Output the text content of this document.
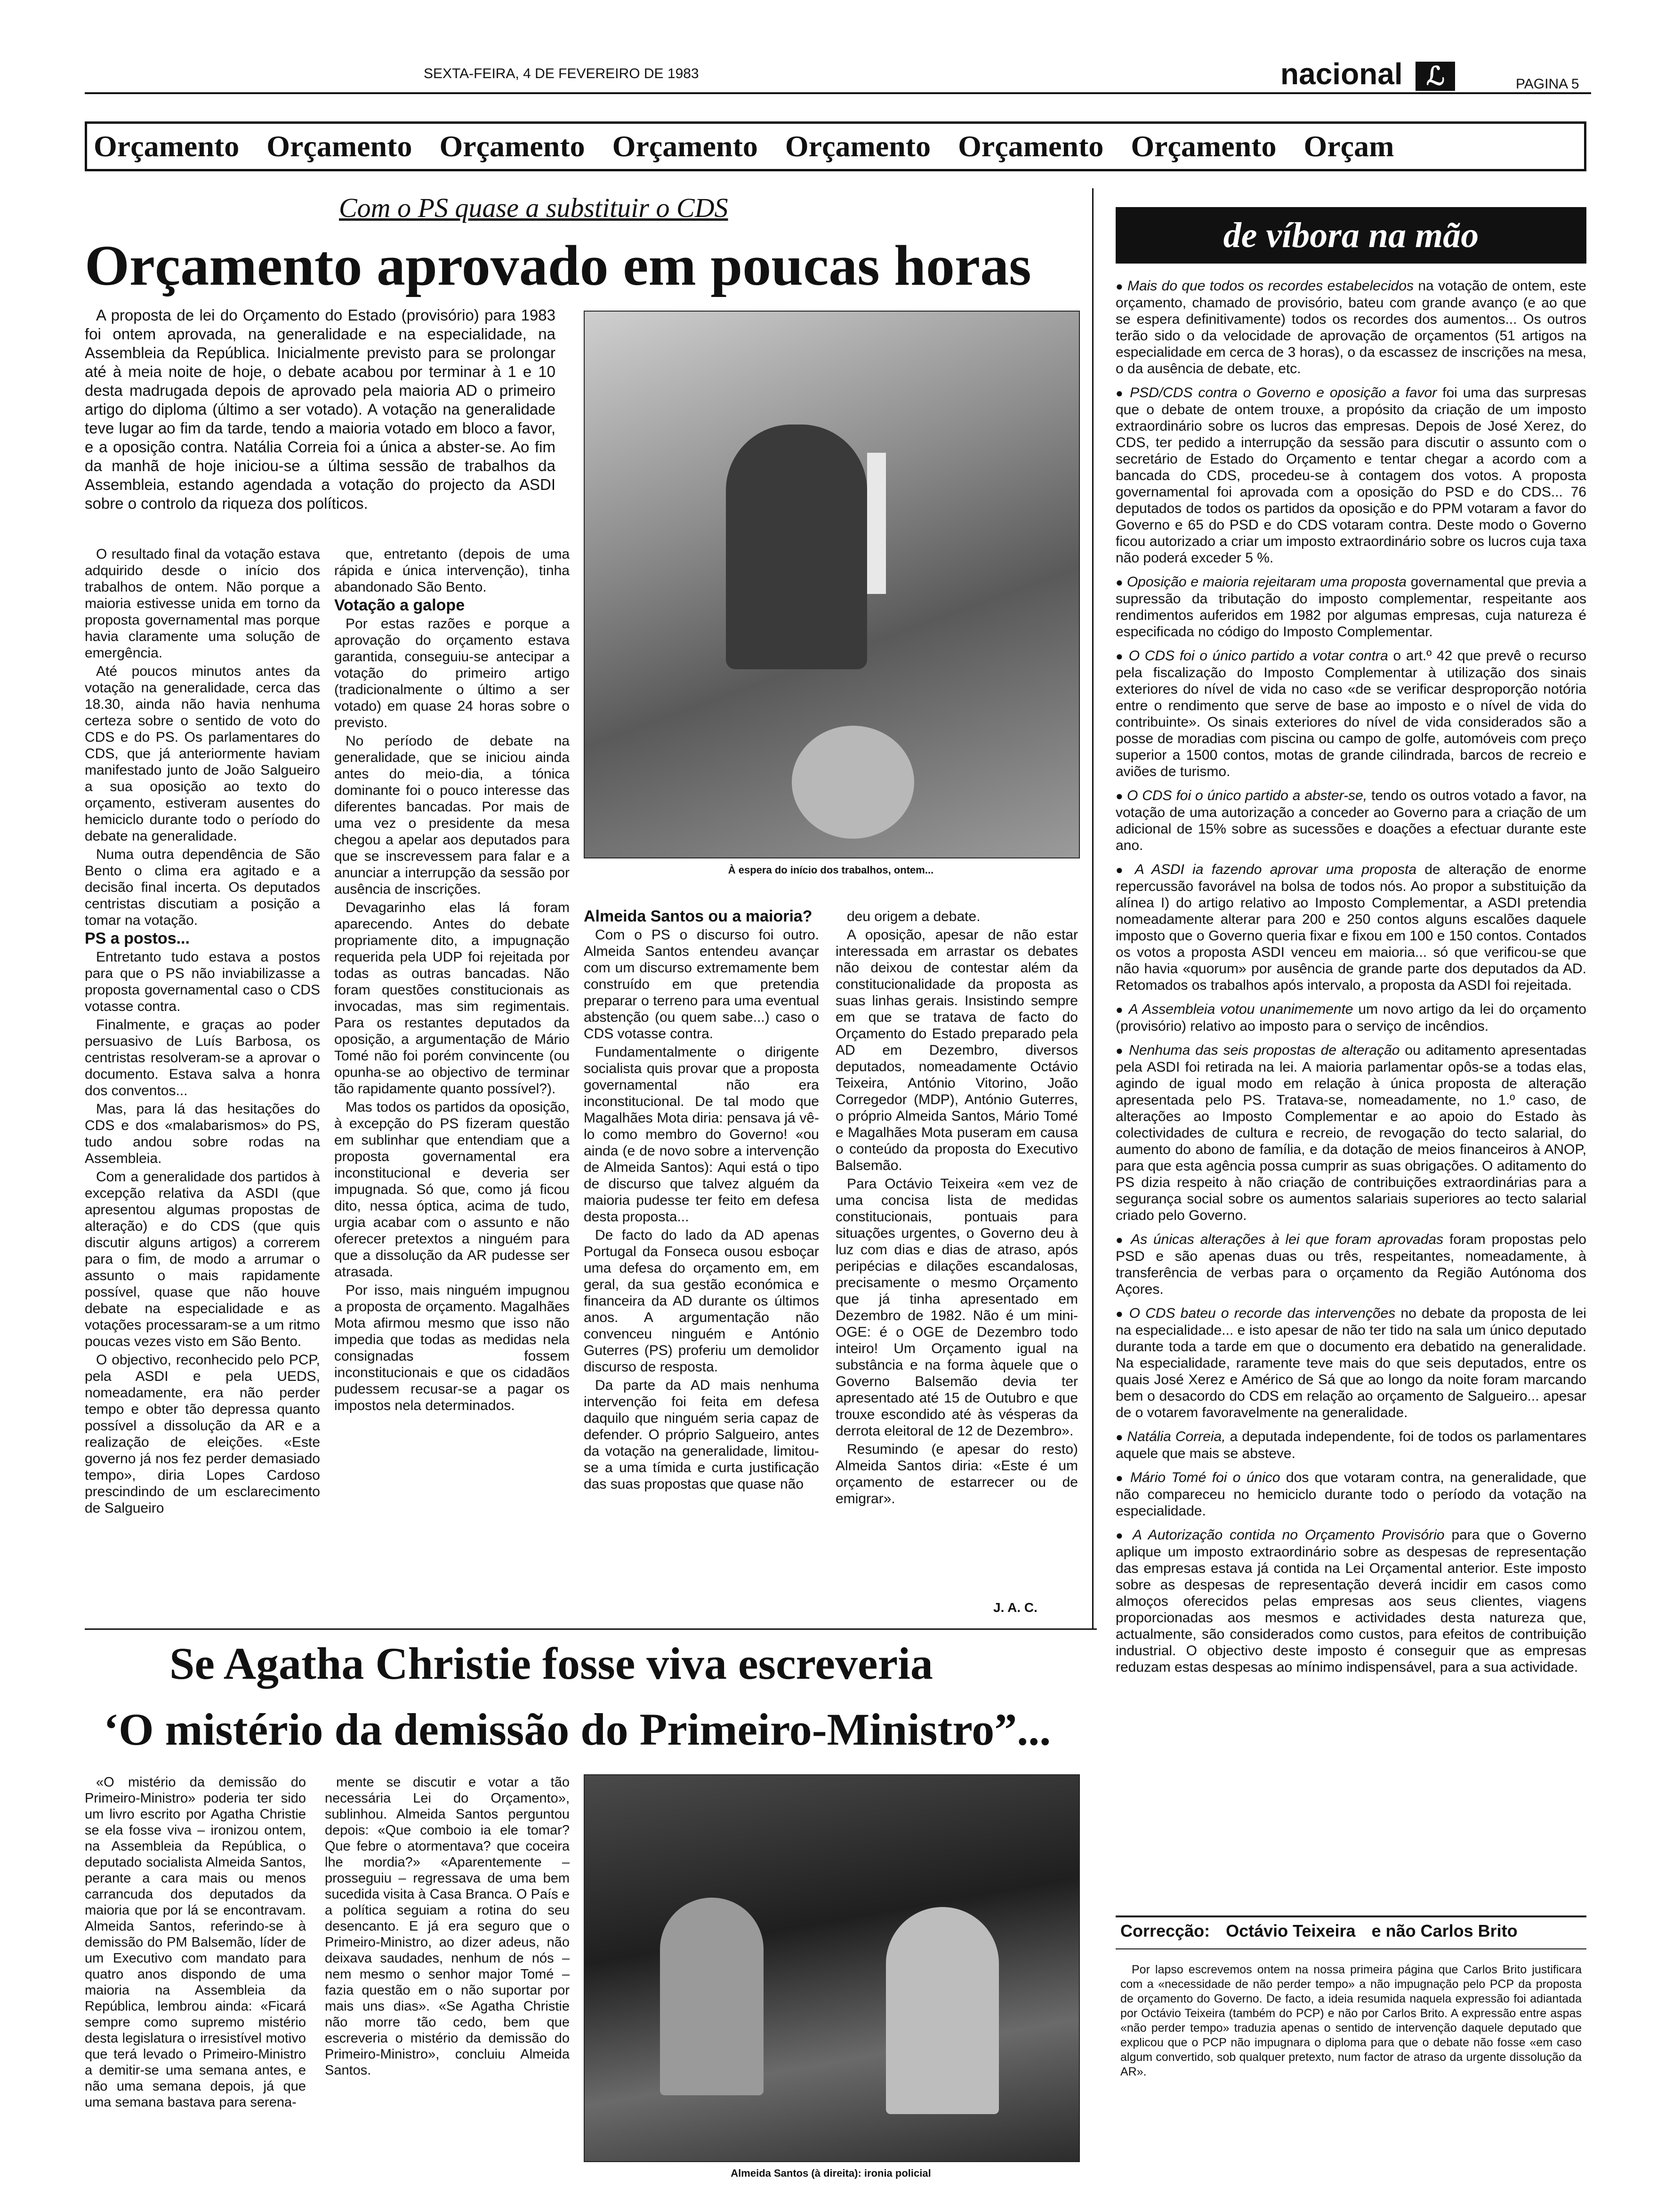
SEXTA-FEIRA, 4 DE FEVEREIRO DE 1983	nacional ℒ	PAGINA 5
Orçamento Orçamento Orçamento Orçamento Orçamento Orçamento Orçamento Orçam
Com o PS quase a substituir o CDS
Orçamento aprovado em poucas horas

A proposta de lei do Orçamento do Estado (provisório) para 1983 foi ontem aprovada, na generalidade e na especialidade, na Assembleia da República. Inicialmente previsto para se prolongar até à meia noite de hoje, o debate acabou por terminar à 1 e 10 desta madrugada depois de aprovado pela maioria AD o primeiro artigo do diploma (último a ser votado). A votação na generalidade teve lugar ao fim da tarde, tendo a maioria votado em bloco a favor, e a oposição contra. Natália Correia foi a única a abster-se. Ao fim da manhã de hoje iniciou-se a última sessão de trabalhos da Assembleia, estando agendada a votação do projecto da ASDI sobre o controlo da riqueza dos políticos.

À espera do início dos trabalhos, ontem...

O resultado final da votação estava adquirido desde o início dos trabalhos de ontem. Não porque a maioria estivesse unida em torno da proposta governamental mas porque havia claramente uma solução de emergência.

Até poucos minutos antes da votação na generalidade, cerca das 18.30, ainda não havia nenhuma certeza sobre o sentido de voto do CDS e do PS. Os parlamentares do CDS, que já anteriormente haviam manifestado junto de João Salgueiro a sua oposição ao texto do orçamento, estiveram ausentes do hemiciclo durante todo o período do debate na generalidade.

Numa outra dependência de São Bento o clima era agitado e a decisão final incerta. Os deputados centristas discutiam a posição a tomar na votação.

PS a postos...

Entretanto tudo estava a postos para que o PS não inviabilizasse a proposta governamental caso o CDS votasse contra.

Finalmente, e graças ao poder persuasivo de Luís Barbosa, os centristas resolveram-se a aprovar o documento. Estava salva a honra dos conventos...

Mas, para lá das hesitações do CDS e dos «malabarismos» do PS, tudo andou sobre rodas na Assembleia.

Com a generalidade dos partidos à excepção relativa da ASDI (que apresentou algumas propostas de alteração) e do CDS (que quis discutir alguns artigos) a correrem para o fim, de modo a arrumar o assunto o mais rapidamente possível, quase que não houve debate na especialidade e as votações processaram-se a um ritmo poucas vezes visto em São Bento.

O objectivo, reconhecido pelo PCP, pela ASDI e pela UEDS, nomeadamente, era não perder tempo e obter tão depressa quanto possível a dissolução da AR e a realização de eleições. «Este governo já nos fez perder demasiado tempo», diria Lopes Cardoso prescindindo de um esclarecimento de Salgueiro

que, entretanto (depois de uma rápida e única intervenção), tinha abandonado São Bento.

Votação a galope

Por estas razões e porque a aprovação do orçamento estava garantida, conseguiu-se antecipar a votação do primeiro artigo (tradicionalmente o último a ser votado) em quase 24 horas sobre o previsto.

No período de debate na generalidade, que se iniciou ainda antes do meio-dia, a tónica dominante foi o pouco interesse das diferentes bancadas. Por mais de uma vez o presidente da mesa chegou a apelar aos deputados para que se inscrevessem para falar e a anunciar a interrupção da sessão por ausência de inscrições.

Devagarinho elas lá foram aparecendo. Antes do debate propriamente dito, a impugnação requerida pela UDP foi rejeitada por todas as outras bancadas. Não foram questões constitucionais as invocadas, mas sim regimentais. Para os restantes deputados da oposição, a argumentação de Mário Tomé não foi porém convincente (ou opunha-se ao objectivo de terminar tão rapidamente quanto possível?).

Mas todos os partidos da oposição, à excepção do PS fizeram questão em sublinhar que entendiam que a proposta governamental era inconstitucional e deveria ser impugnada. Só que, como já ficou dito, nessa óptica, acima de tudo, urgia acabar com o assunto e não oferecer pretextos a ninguém para que a dissolução da AR pudesse ser atrasada.

Por isso, mais ninguém impugnou a proposta de orçamento. Magalhães Mota afirmou mesmo que isso não impedia que todas as medidas nela consignadas fossem inconstitucionais e que os cidadãos pudessem recusar-se a pagar os impostos nela determinados.

Almeida Santos ou a maioria?

Com o PS o discurso foi outro. Almeida Santos entendeu avançar com um discurso extremamente bem construído em que pretendia preparar o terreno para uma eventual abstenção (ou quem sabe...) caso o CDS votasse contra.

Fundamentalmente o dirigente socialista quis provar que a proposta governamental não era inconstitucional. De tal modo que Magalhães Mota diria: pensava já vê-lo como membro do Governo! «ou ainda (e de novo sobre a intervenção de Almeida Santos): Aqui está o tipo de discurso que talvez alguém da maioria pudesse ter feito em defesa desta proposta...

De facto do lado da AD apenas Portugal da Fonseca ousou esboçar uma defesa do orçamento em, em geral, da sua gestão económica e financeira da AD durante os últimos anos. A argumentação não convenceu ninguém e António Guterres (PS) proferiu um demolidor discurso de resposta.

Da parte da AD mais nenhuma intervenção foi feita em defesa daquilo que ninguém seria capaz de defender. O próprio Salgueiro, antes da votação na generalidade, limitou-se a uma tímida e curta justificação das suas propostas que quase não

deu origem a debate.

A oposição, apesar de não estar interessada em arrastar os debates não deixou de contestar além da constitucionalidade da proposta as suas linhas gerais. Insistindo sempre em que se tratava de facto do Orçamento do Estado preparado pela AD em Dezembro, diversos deputados, nomeadamente Octávio Teixeira, António Vitorino, João Corregedor (MDP), António Guterres, o próprio Almeida Santos, Mário Tomé e Magalhães Mota puseram em causa o conteúdo da proposta do Executivo Balsemão.

Para Octávio Teixeira «em vez de uma concisa lista de medidas constitucionais, pontuais para situações urgentes, o Governo deu à luz com dias e dias de atraso, após peripécias e dilações escandalosas, precisamente o mesmo Orçamento que já tinha apresentado em Dezembro de 1982. Não é um mini-OGE: é o OGE de Dezembro todo inteiro! Um Orçamento igual na substância e na forma àquele que o Governo Balsemão devia ter apresentado até 15 de Outubro e que trouxe escondido até às vésperas da derrota eleitoral de 12 de Dezembro».

Resumindo (e apesar do resto) Almeida Santos diria: «Este é um orçamento de estarrecer ou de emigrar».

J. A. C.
de víbora na mão

● Mais do que todos os recordes estabelecidos na votação de ontem, este orçamento, chamado de provisório, bateu com grande avanço (e ao que se espera definitivamente) todos os recordes dos aumentos... Os outros terão sido o da velocidade de aprovação de orçamentos (51 artigos na especialidade em cerca de 3 horas), o da escassez de inscrições na mesa, o da ausência de debate, etc.

● PSD/CDS contra o Governo e oposição a favor foi uma das surpresas que o debate de ontem trouxe, a propósito da criação de um imposto extraordinário sobre os lucros das empresas. Depois de José Xerez, do CDS, ter pedido a interrupção da sessão para discutir o assunto com o secretário de Estado do Orçamento e tentar chegar a acordo com a bancada do CDS, procedeu-se à contagem dos votos. A proposta governamental foi aprovada com a oposição do PSD e do CDS... 76 deputados de todos os partidos da oposição e do PPM votaram a favor do Governo e 65 do PSD e do CDS votaram contra. Deste modo o Governo ficou autorizado a criar um imposto extraordinário sobre os lucros cuja taxa não poderá exceder 5 %.

● Oposição e maioria rejeitaram uma proposta governamental que previa a supressão da tributação do imposto complementar, respeitante aos rendimentos auferidos em 1982 por algumas empresas, cuja natureza é especificada no código do Imposto Complementar.

● O CDS foi o único partido a votar contra o art.º 42 que prevê o recurso pela fiscalização do Imposto Complementar à utilização dos sinais exteriores do nível de vida no caso «de se verificar desproporção notória entre o rendimento que serve de base ao imposto e o nível de vida do contribuinte». Os sinais exteriores do nível de vida considerados são a posse de moradias com piscina ou campo de golfe, automóveis com preço superior a 1500 contos, motas de grande cilindrada, barcos de recreio e aviões de turismo.

● O CDS foi o único partido a abster-se, tendo os outros votado a favor, na votação de uma autorização a conceder ao Governo para a criação de um adicional de 15% sobre as sucessões e doações a efectuar durante este ano.

● A ASDI ia fazendo aprovar uma proposta de alteração de enorme repercussão favorável na bolsa de todos nós. Ao propor a substituição da alínea I) do artigo relativo ao Imposto Complementar, a ASDI pretendia nomeadamente alterar para 200 e 250 contos alguns escalões daquele imposto que o Governo queria fixar e fixou em 100 e 150 contos. Contados os votos a proposta ASDI venceu em maioria... só que verificou-se que não havia «quorum» por ausência de grande parte dos deputados da AD. Retomados os trabalhos após intervalo, a proposta da ASDI foi rejeitada.

● A Assembleia votou unanimemente um novo artigo da lei do orçamento (provisório) relativo ao imposto para o serviço de incêndios.

● Nenhuma das seis propostas de alteração ou aditamento apresentadas pela ASDI foi retirada na lei. A maioria parlamentar opôs-se a todas elas, agindo de igual modo em relação à única proposta de alteração apresentada pelo PS. Tratava-se, nomeadamente, no 1.º caso, de alterações ao Imposto Complementar e ao apoio do Estado às colectividades de cultura e recreio, de revogação do tecto salarial, do aumento do abono de família, e da dotação de meios financeiros à ANOP, para que esta agência possa cumprir as suas obrigações. O aditamento do PS dizia respeito à não criação de contribuições extraordinárias para a segurança social sobre os aumentos salariais superiores ao tecto salarial criado pelo Governo.

● As únicas alterações à lei que foram aprovadas foram propostas pelo PSD e são apenas duas ou três, respeitantes, nomeadamente, à transferência de verbas para o orçamento da Região Autónoma dos Açores.

● O CDS bateu o recorde das intervenções no debate da proposta de lei na especialidade... e isto apesar de não ter tido na sala um único deputado durante toda a tarde em que o documento era debatido na generalidade. Na especialidade, raramente teve mais do que seis deputados, entre os quais José Xerez e Américo de Sá que ao longo da noite foram marcando bem o desacordo do CDS em relação ao orçamento de Salgueiro... apesar de o votarem favoravelmente na generalidade.

● Natália Correia, a deputada independente, foi de todos os parlamentares aquele que mais se absteve.

● Mário Tomé foi o único dos que votaram contra, na generalidade, que não compareceu no hemiciclo durante todo o período da votação na especialidade.

● A Autorização contida no Orçamento Provisório para que o Governo aplique um imposto extraordinário sobre as despesas de representação das empresas estava já contida na Lei Orçamental anterior. Este imposto sobre as despesas de representação deverá incidir em casos como almoços oferecidos pelas empresas aos seus clientes, viagens proporcionadas aos mesmos e actividades desta natureza que, actualmente, são considerados como custos, para efeitos de contribuição industrial. O objectivo deste imposto é conseguir que as empresas reduzam estas despesas ao mínimo indispensável, para a sua actividade.

Correcção: Octávio Teixeira e não Carlos Brito

Por lapso escrevemos ontem na nossa primeira página que Carlos Brito justificara com a «necessidade de não perder tempo» a não impugnação pelo PCP da proposta de orçamento do Governo. De facto, a ideia resumida naquela expressão foi adiantada por Octávio Teixeira (também do PCP) e não por Carlos Brito. A expressão entre aspas «não perder tempo» traduzia apenas o sentido de intervenção daquele deputado que explicou que o PCP não impugnara o diploma para que o debate não fosse «em caso algum convertido, sob qualquer pretexto, num factor de atraso da urgente dissolução da AR».

Se Agatha Christie fosse viva escreveria
‘O mistério da demissão do Primeiro-Ministro”...

«O mistério da demissão do Primeiro-Ministro» poderia ter sido um livro escrito por Agatha Christie se ela fosse viva – ironizou ontem, na Assembleia da República, o deputado socialista Almeida Santos, perante a cara mais ou menos carrancuda dos deputados da maioria que por lá se encontravam. Almeida Santos, referindo-se à demissão do PM Balsemão, líder de um Executivo com mandato para quatro anos dispondo de uma maioria na Assembleia da República, lembrou ainda: «Ficará sempre como supremo mistério desta legislatura o irresistível motivo que terá levado o Primeiro-Ministro a demitir-se uma semana antes, e não uma semana depois, já que uma semana bastava para serena-

mente se discutir e votar a tão necessária Lei do Orçamento», sublinhou. Almeida Santos perguntou depois: «Que comboio ia ele tomar? Que febre o atormentava? que coceira lhe mordia?» «Aparentemente – prosseguiu – regressava de uma bem sucedida visita à Casa Branca. O País e a política seguiam a rotina do seu desencanto. E já era seguro que o Primeiro-Ministro, ao dizer adeus, não deixava saudades, nenhum de nós – nem mesmo o senhor major Tomé – fazia questão em o não suportar por mais uns dias». «Se Agatha Christie não morre tão cedo, bem que escreveria o mistério da demissão do Primeiro-Ministro», concluiu Almeida Santos.

Almeida Santos (à direita): ironia policial
